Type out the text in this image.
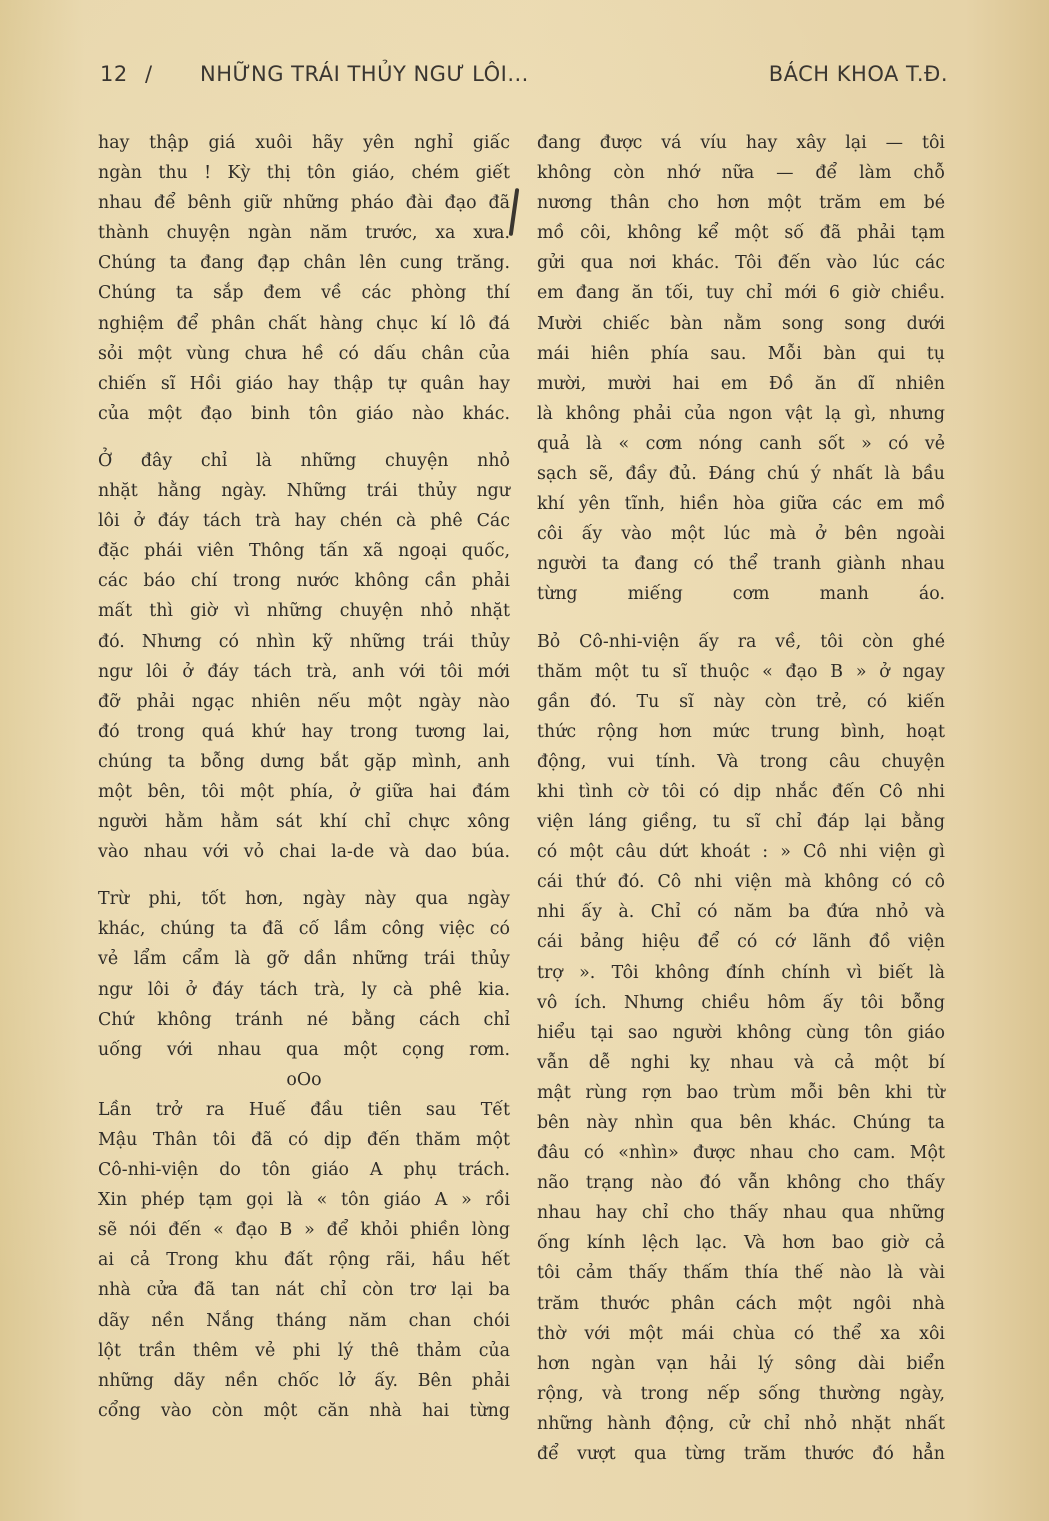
12 / NHỮNG TRÁI THỦY NGƯ LÔI...	BÁCH KHOA T.Đ.
hay thập giá xuôi hãy yên nghỉ giấc
ngàn thu ! Kỳ thị tôn giáo, chém giết
nhau để bênh giữ những pháo đài đạo đã
thành chuyện ngàn năm trước, xa xưa.
Chúng ta đang đạp chân lên cung trăng.
Chúng ta sắp đem về các phòng thí
nghiệm để phân chất hàng chục kí lô đá
sỏi một vùng chưa hề có dấu chân của
chiến sĩ Hồi giáo hay thập tự quân hay
của một đạo binh tôn giáo nào khác.
Ở đây chỉ là những chuyện nhỏ
nhặt hằng ngày. Những trái thủy ngư
lôi ở đáy tách trà hay chén cà phê Các
đặc phái viên Thông tấn xã ngoại quốc,
các báo chí trong nước không cần phải
mất thì giờ vì những chuyện nhỏ nhặt
đó. Nhưng có nhìn kỹ những trái thủy
ngư lôi ở đáy tách trà, anh với tôi mới
đỡ phải ngạc nhiên nếu một ngày nào
đó trong quá khứ hay trong tương lai,
chúng ta bỗng dưng bắt gặp mình, anh
một bên, tôi một phía, ở giữa hai đám
người hằm hằm sát khí chỉ chực xông
vào nhau với vỏ chai la-de và dao búa.
Trừ phi, tốt hơn, ngày này qua ngày
khác, chúng ta đã cố lầm công việc có
vẻ lẩm cẩm là gỡ dần những trái thủy
ngư lôi ở đáy tách trà, ly cà phê kia.
Chứ không tránh né bằng cách chỉ
uống với nhau qua một cọng rơm.
oOo
Lần trở ra Huế đầu tiên sau Tết
Mậu Thân tôi đã có dịp đến thăm một
Cô-nhi-viện do tôn giáo A phụ trách.
Xin phép tạm gọi là « tôn giáo A » rồi
sẽ nói đến « đạo B » để khỏi phiền lòng
ai cả Trong khu đất rộng rãi, hầu hết
nhà cửa đã tan nát chỉ còn trơ lại ba
dãy nền Nắng tháng năm chan chói
lột trần thêm vẻ phi lý thê thảm của
những dãy nền chốc lở ấy. Bên phải
cổng vào còn một căn nhà hai từng
đang được vá víu hay xây lại — tôi
không còn nhớ nữa — để làm chỗ
nương thân cho hơn một trăm em bé
mồ côi, không kể một số đã phải tạm
gửi qua nơi khác. Tôi đến vào lúc các
em đang ăn tối, tuy chỉ mới 6 giờ chiều.
Mười chiếc bàn nằm song song dưới
mái hiên phía sau. Mỗi bàn qui tụ
mười, mười hai em Đồ ăn dĩ nhiên
là không phải của ngon vật lạ gì, nhưng
quả là « cơm nóng canh sốt » có vẻ
sạch sẽ, đầy đủ. Đáng chú ý nhất là bầu
khí yên tĩnh, hiền hòa giữa các em mồ
côi ấy vào một lúc mà ở bên ngoài
người ta đang có thể tranh giành nhau
từng miếng cơm manh áo.
Bỏ Cô-nhi-viện ấy ra về, tôi còn ghé
thăm một tu sĩ thuộc « đạo B » ở ngay
gần đó. Tu sĩ này còn trẻ, có kiến
thức rộng hơn mức trung bình, hoạt
động, vui tính. Và trong câu chuyện
khi tình cờ tôi có dịp nhắc đến Cô nhi
viện láng giềng, tu sĩ chỉ đáp lại bằng
có một câu dứt khoát : » Cô nhi viện gì
cái thứ đó. Cô nhi viện mà không có cô
nhi ấy à. Chỉ có năm ba đứa nhỏ và
cái bảng hiệu để có cớ lãnh đồ viện
trợ ». Tôi không đính chính vì biết là
vô ích. Nhưng chiều hôm ấy tôi bỗng
hiểu tại sao người không cùng tôn giáo
vẫn dễ nghi kỵ nhau và cả một bí
mật rùng rợn bao trùm mỗi bên khi từ
bên này nhìn qua bên khác. Chúng ta
đâu có «nhìn» được nhau cho cam. Một
não trạng nào đó vẫn không cho thấy
nhau hay chỉ cho thấy nhau qua những
ống kính lệch lạc. Và hơn bao giờ cả
tôi cảm thấy thấm thía thế nào là vài
trăm thước phân cách một ngôi nhà
thờ với một mái chùa có thể xa xôi
hơn ngàn vạn hải lý sông dài biển
rộng, và trong nếp sống thường ngày,
những hành động, cử chỉ nhỏ nhặt nhất
để vượt qua từng trăm thước đó hẳn
